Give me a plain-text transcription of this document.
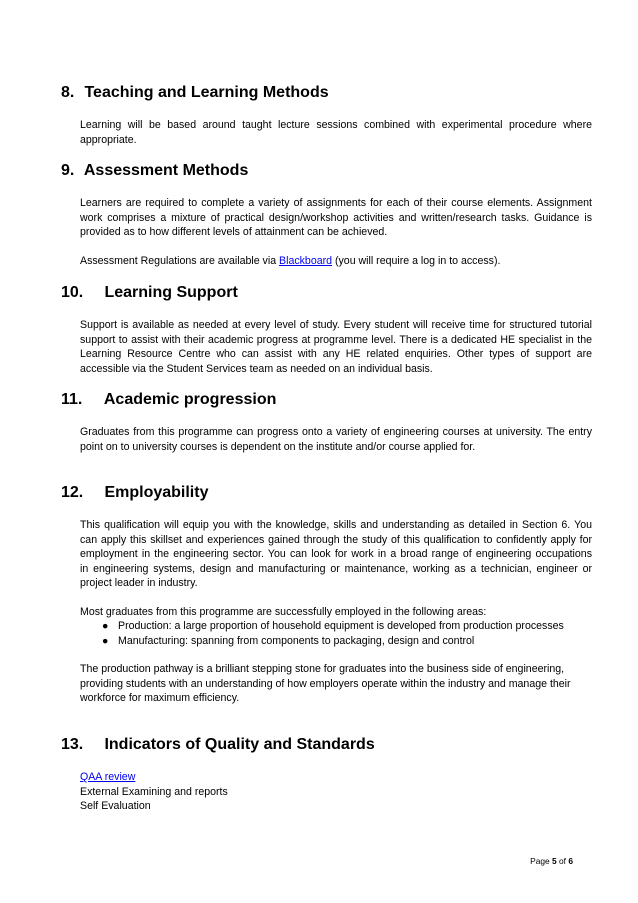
8. Teaching and Learning Methods

Learning will be based around taught lecture sessions combined with experimental procedure where
appropriate.

9. Assessment Methods

Learners are required to complete a variety of assignments for each of their course elements. Assignment
work comprises a mixture of practical design/workshop activities and written/research tasks. Guidance is
provided as to how different levels of attainment can be achieved.

Assessment Regulations are available via Blackboard (you will require a log in to access).

10. Learning Support

Support is available as needed at every level of study. Every student will receive time for structured tutorial
support to assist with their academic progress at programme level. There is a dedicated HE specialist in the
Learning Resource Centre who can assist with any HE related enquiries. Other types of support are
accessible via the Student Services team as needed on an individual basis.

11. Academic progression

Graduates from this programme can progress onto a variety of engineering courses at university. The entry
point on to university courses is dependent on the institute and/or course applied for.

12. Employability

This qualification will equip you with the knowledge, skills and understanding as detailed in Section 6. You
can apply this skillset and experiences gained through the study of this qualification to confidently apply for
employment in the engineering sector. You can look for work in a broad range of engineering occupations
in engineering systems, design and manufacturing or maintenance, working as a technician, engineer or
project leader in industry.

Most graduates from this programme are successfully employed in the following areas:

● Production: a large proportion of household equipment is developed from production processes
● Manufacturing: spanning from components to packaging, design and control

The production pathway is a brilliant stepping stone for graduates into the business side of engineering,
providing students with an understanding of how employers operate within the industry and manage their
workforce for maximum efficiency.

13. Indicators of Quality and Standards

QAA review
External Examining and reports
Self Evaluation

Page 5 of 6
